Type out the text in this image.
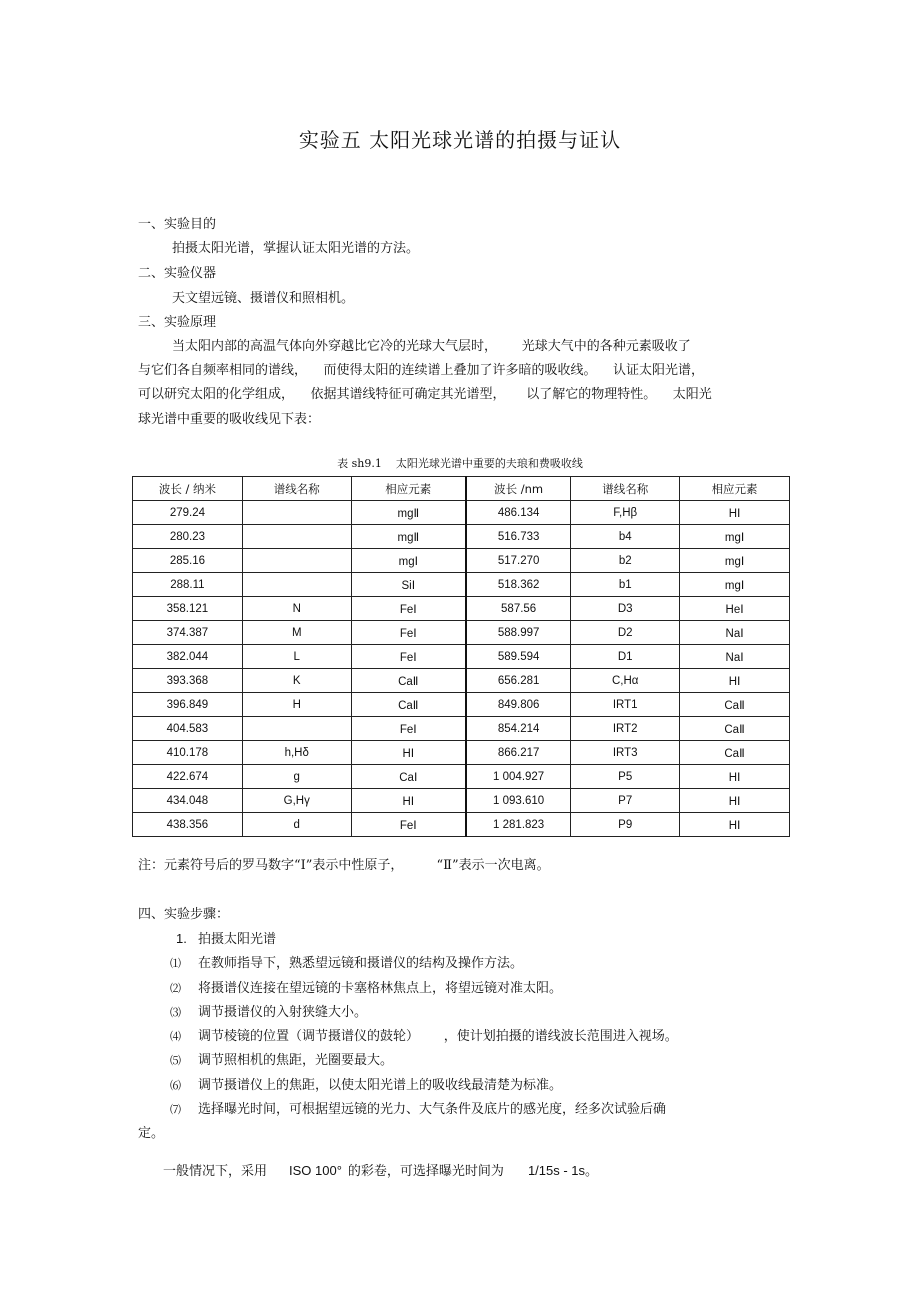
实验五 太阳光球光谱的拍摄与证认
一、实验目的
拍摄太阳光谱，掌握认证太阳光谱的方法。
二、实验仪器
天文望远镜、摄谱仪和照相机。
三、实验原理
当太阳内部的高温气体向外穿越比它冷的光球大气层时，      光球大气中的各种元素吸收了
与它们各自频率相同的谱线，    而使得太阳的连续谱上叠加了许多暗的吸收线。    认证太阳光谱，
可以研究太阳的化学组成，    依据其谱线特征可确定其光谱型，     以了解它的物理特性。    太阳光
球光谱中重要的吸收线见下表：
表 sh9.1    太阳光球光谱中重要的夫琅和费吸收线
波长 / 纳米	谱线名称	相应元素	波长 /nm	谱线名称	相应元素
279.24		mgⅡ	486.134	F,Hβ	HⅠ
280.23		mgⅡ	516.733	b4	mgⅠ
285.16		mgⅠ	517.270	b2	mgⅠ
288.11		SiⅠ	518.362	b1	mgⅠ
358.121	N	FeⅠ	587.56	D3	HeⅠ
374.387	M	FeⅠ	588.997	D2	NaⅠ
382.044	L	FeⅠ	589.594	D1	NaⅠ
393.368	K	CaⅡ	656.281	C,Hα	HⅠ
396.849	H	CaⅡ	849.806	IRT1	CaⅡ
404.583		FeⅠ	854.214	IRT2	CaⅡ
410.178	h,Hδ	HⅠ	866.217	IRT3	CaⅡ
422.674	g	CaⅠ	1 004.927	P5	HⅠ
434.048	G,Hγ	HⅠ	1 093.610	P7	HⅠ
438.356	d	FeⅠ	1 281.823	P9	HⅠ
注：元素符号后的罗马数字“Ⅰ”表示中性原子，        “Ⅱ”表示一次电离。
四、实验步骤：
1. 拍摄太阳光谱
⑴ 在教师指导下，熟悉望远镜和摄谱仪的结构及操作方法。
⑵ 将摄谱仪连接在望远镜的卡塞格林焦点上，将望远镜对准太阳。
⑶ 调节摄谱仪的入射狭缝大小。
⑷ 调节棱镜的位置（调节摄谱仪的鼓轮）      ，使计划拍摄的谱线波长范围进入视场。
⑸ 调节照相机的焦距，光圈要最大。
⑹ 调节摄谱仪上的焦距，以使太阳光谱上的吸收线最清楚为标准。
⑺ 选择曝光时间，可根据望远镜的光力、大气条件及底片的感光度，经多次试验后确
定。
一般情况下，采用 ISO 100° 的彩卷，可选择曝光时间为 1/15s - 1s。
